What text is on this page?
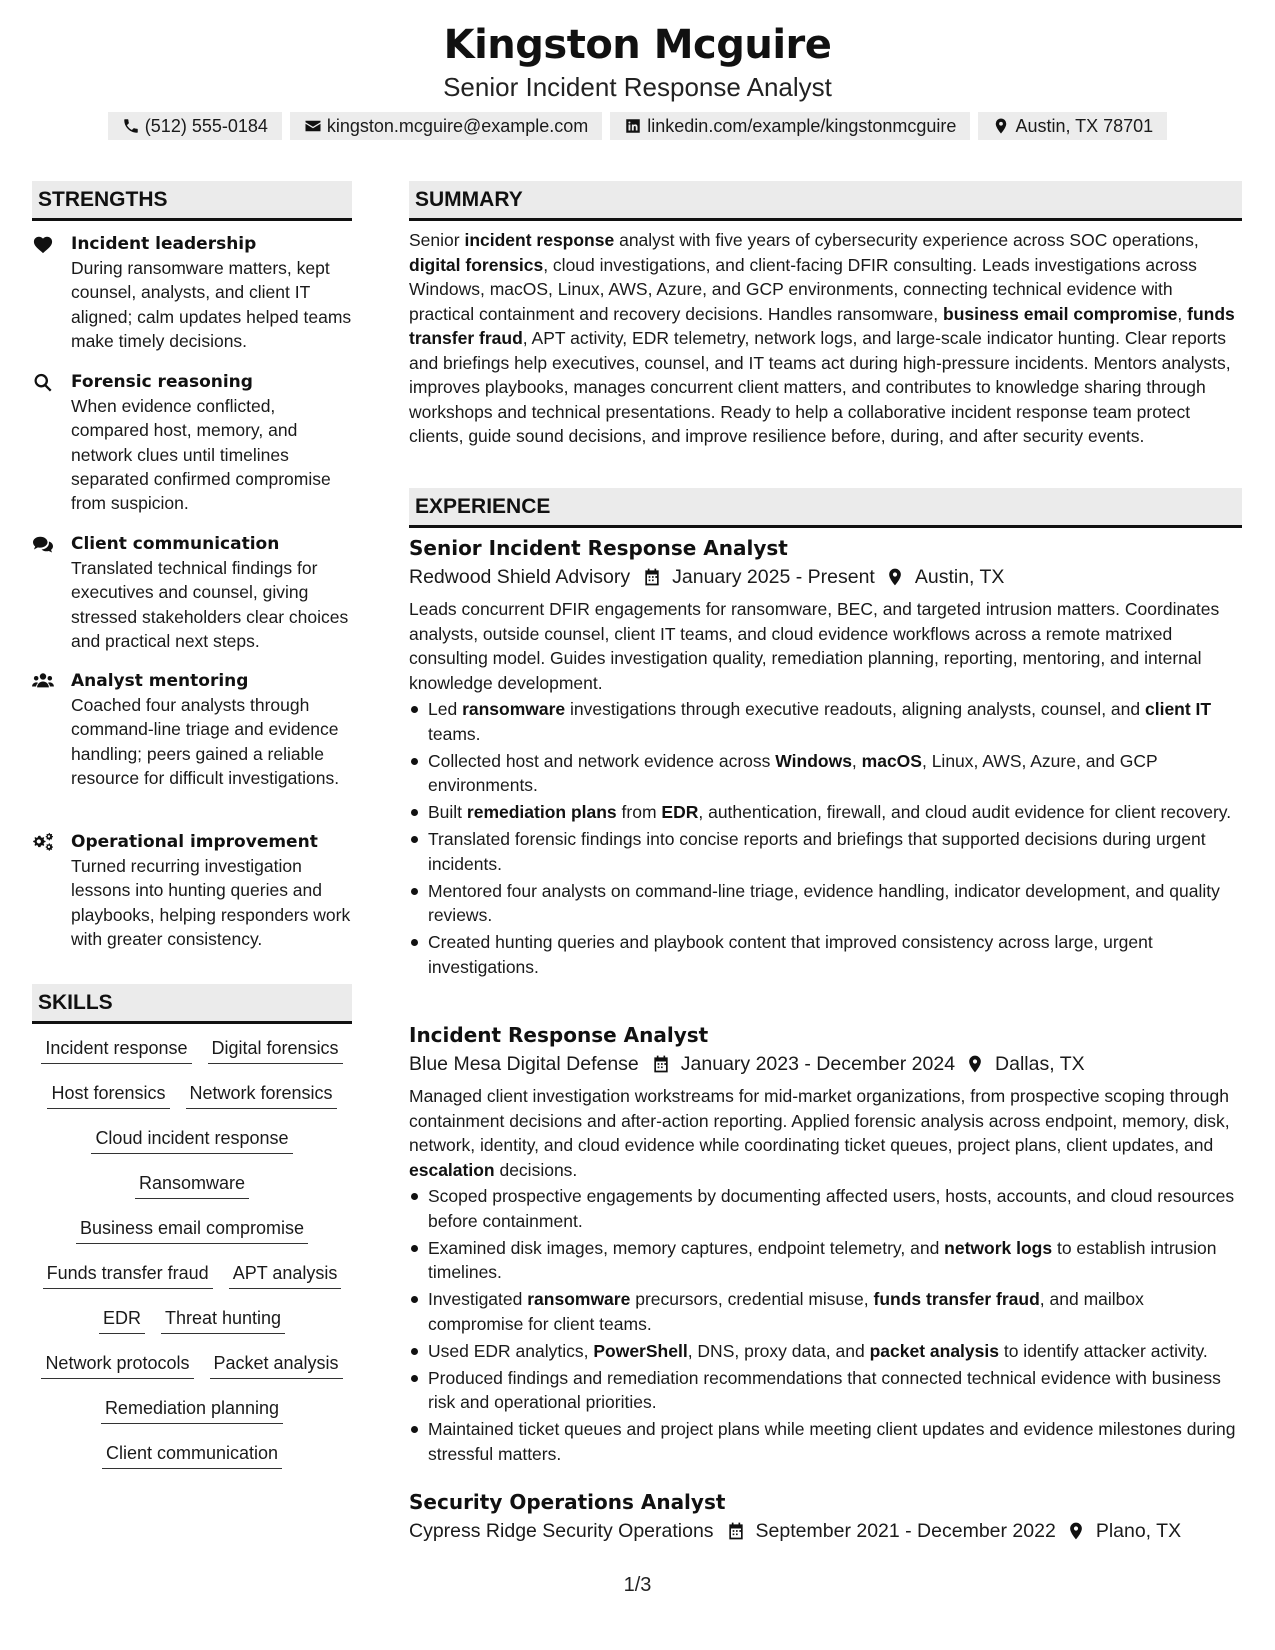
Kingston Mcguire
Senior Incident Response Analyst
(512) 555-0184	kingston.mcguire@example.com	linkedin.com/example/kingstonmcguire	Austin, TX 78701
STRENGTHS
Incident leadership
During ransomware matters, kept counsel, analysts, and client IT aligned; calm updates helped teams make timely decisions.
Forensic reasoning
When evidence conflicted, compared host, memory, and network clues until timelines separated confirmed compromise from suspicion.
Client communication
Translated technical findings for executives and counsel, giving stressed stakeholders clear choices and practical next steps.
Analyst mentoring
Coached four analysts through command-line triage and evidence handling; peers gained a reliable resource for difficult investigations.
Operational improvement
Turned recurring investigation lessons into hunting queries and playbooks, helping responders work with greater consistency.
SKILLS
Incident response Digital forensics
Host forensics Network forensics
Cloud incident response
Ransomware
Business email compromise
Funds transfer fraud APT analysis
EDR Threat hunting
Network protocols Packet analysis
Remediation planning
Client communication
SUMMARY
Senior incident response analyst with five years of cybersecurity experience across SOC operations, digital forensics, cloud investigations, and client-facing DFIR consulting. Leads investigations across Windows, macOS, Linux, AWS, Azure, and GCP environments, connecting technical evidence with practical containment and recovery decisions. Handles ransomware, business email compromise, funds transfer fraud, APT activity, EDR telemetry, network logs, and large-scale indicator hunting. Clear reports and briefings help executives, counsel, and IT teams act during high-pressure incidents. Mentors analysts, improves playbooks, manages concurrent client matters, and contributes to knowledge sharing through workshops and technical presentations. Ready to help a collaborative incident response team protect clients, guide sound decisions, and improve resilience before, during, and after security events.
EXPERIENCE
Senior Incident Response Analyst
Redwood Shield Advisory January 2025 - Present Austin, TX
Leads concurrent DFIR engagements for ransomware, BEC, and targeted intrusion matters. Coordinates analysts, outside counsel, client IT teams, and cloud evidence workflows across a remote matrixed consulting model. Guides investigation quality, remediation planning, reporting, mentoring, and internal knowledge development.
Led ransomware investigations through executive readouts, aligning analysts, counsel, and client IT teams.
Collected host and network evidence across Windows, macOS, Linux, AWS, Azure, and GCP environments.
Built remediation plans from EDR, authentication, firewall, and cloud audit evidence for client recovery.
Translated forensic findings into concise reports and briefings that supported decisions during urgent incidents.
Mentored four analysts on command-line triage, evidence handling, indicator development, and quality reviews.
Created hunting queries and playbook content that improved consistency across large, urgent investigations.
Incident Response Analyst
Blue Mesa Digital Defense January 2023 - December 2024 Dallas, TX
Managed client investigation workstreams for mid-market organizations, from prospective scoping through containment decisions and after-action reporting. Applied forensic analysis across endpoint, memory, disk, network, identity, and cloud evidence while coordinating ticket queues, project plans, client updates, and escalation decisions.
Scoped prospective engagements by documenting affected users, hosts, accounts, and cloud resources before containment.
Examined disk images, memory captures, endpoint telemetry, and network logs to establish intrusion timelines.
Investigated ransomware precursors, credential misuse, funds transfer fraud, and mailbox compromise for client teams.
Used EDR analytics, PowerShell, DNS, proxy data, and packet analysis to identify attacker activity.
Produced findings and remediation recommendations that connected technical evidence with business risk and operational priorities.
Maintained ticket queues and project plans while meeting client updates and evidence milestones during stressful matters.
Security Operations Analyst
Cypress Ridge Security Operations September 2021 - December 2022 Plano, TX
1/3
